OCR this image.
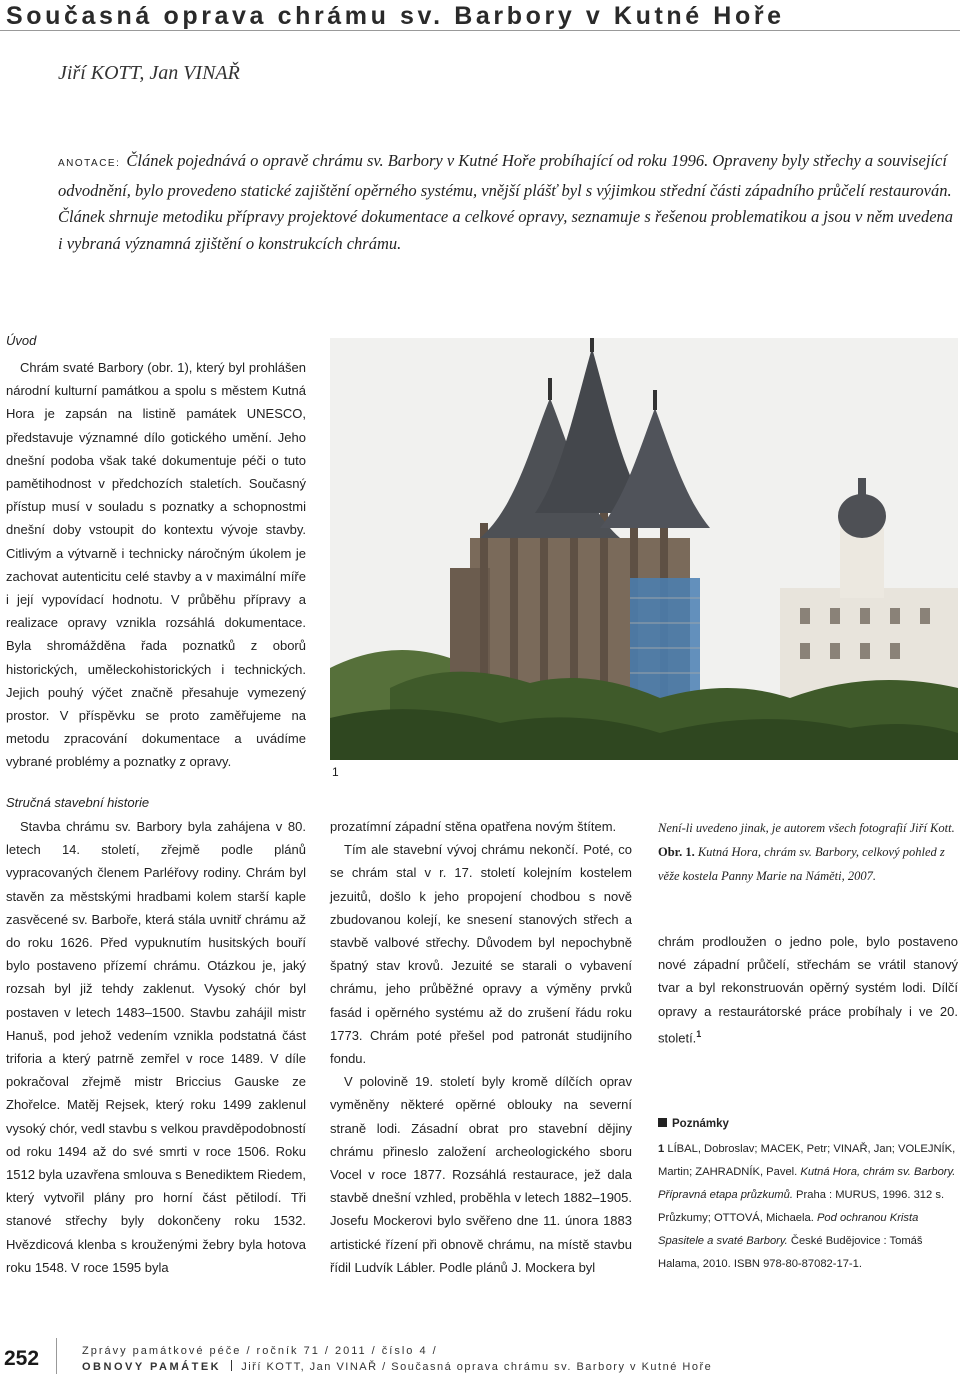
Současná oprava chrámu sv. Barbory v Kutné Hoře
Jiří KOTT, Jan VINAŘ
ANOTACE: Článek pojednává o opravě chrámu sv. Barbory v Kutné Hoře probíhající od roku 1996. Opraveny byly střechy a související odvodnění, bylo provedeno statické zajištění opěrného systému, vnější plášť byl s výjimkou střední části západního průčelí restaurován. Článek shrnuje metodiku přípravy projektové dokumentace a celkové opravy, seznamuje s řešenou problematikou a jsou v něm uvedena i vybraná významná zjištění o konstrukcích chrámu.
Úvod

Chrám svaté Barbory (obr. 1), který byl prohlášen národní kulturní památkou a spolu s městem Kutná Hora je zapsán na listině památek UNESCO, představuje významné dílo gotického umění. Jeho dnešní podoba však také dokumentuje péči o tuto pamětihodnost v předchozích staletích. Současný přístup musí v souladu s poznatky a schopnostmi dnešní doby vstoupit do kontextu vývoje stavby. Citlivým a výtvarně i technicky náročným úkolem je zachovat autenticitu celé stavby a v maximální míře i její vypovídací hodnotu. V průběhu přípravy a realizace opravy vznikla rozsáhlá dokumentace. Byla shromážděna řada poznatků z oborů historických, uměleckohistorických i technických. Jejich pouhý výčet značně přesahuje vymezený prostor. V příspěvku se proto zaměřujeme na metodu zpracování dokumentace a uvádíme vybrané problémy a poznatky z opravy.

1
Stručná stavební historie

Stavba chrámu sv. Barbory byla zahájena v 80. letech 14. století, zřejmě podle plánů vypracovaných členem Parléřovy rodiny. Chrám byl stavěn za městskými hradbami kolem starší kaple zasvěcené sv. Barboře, která stála uvnitř chrámu až do roku 1626. Před vypuknutím husitských bouří bylo postaveno přízemí chrámu. Otázkou je, jaký rozsah byl již tehdy zaklenut. Vysoký chór byl postaven v letech 1483–1500. Stavbu zahájil mistr Hanuš, pod jehož vedením vznikla podstatná část triforia a který patrně zemřel v roce 1489. V díle pokračoval zřejmě mistr Briccius Gauske ze Zhořelce. Matěj Rejsek, který roku 1499 zaklenul vysoký chór, vedl stavbu s velkou pravděpodobností od roku 1494 až do své smrti v roce 1506. Roku 1512 byla uzavřena smlouva s Benediktem Riedem, který vytvořil plány pro horní část pětilodí. Tři stanové střechy byly dokončeny roku 1532. Hvězdicová klenba s krouženými žebry byla hotova roku 1548. V roce 1595 byla

prozatímní západní stěna opatřena novým štítem.

Tím ale stavební vývoj chrámu nekončí. Poté, co se chrám stal v r. 17. století kolejním kostelem jezuitů, došlo k jeho propojení chodbou s nově zbudovanou kolejí, ke snesení stanových střech a stavbě valbové střechy. Důvodem byl nepochybně špatný stav krovů. Jezuité se starali o vybavení chrámu, jeho průběžné opravy a výměny prvků fasád i opěrného systému až do zrušení řádu roku 1773. Chrám poté přešel pod patronát studijního fondu.

V polovině 19. století byly kromě dílčích oprav vyměněny některé opěrné oblouky na severní straně lodi. Zásadní obrat pro stavební dějiny chrámu přineslo založení archeologického sboru Vocel v roce 1877. Rozsáhlá restaurace, jež dala stavbě dnešní vzhled, proběhla v letech 1882–1905. Josefu Mockerovi bylo svěřeno dne 11. února 1883 artistické řízení při obnově chrámu, na místě stavbu řídil Ludvík Lábler. Podle plánů J. Mockera byl

Není-li uvedeno jinak, je autorem všech fotografií Jiří Kott.
Obr. 1. Kutná Hora, chrám sv. Barbory, celkový pohled z věže kostela Panny Marie na Náměti, 2007.

chrám prodloužen o jedno pole, bylo postaveno nové západní průčelí, střechám se vrátil stanový tvar a byl rekonstruován opěrný systém lodi. Dílčí opravy a restaurátorské práce probíhaly i ve 20. století.$^1$

Poznámky
1 LÍBAL, Dobroslav; MACEK, Petr; VINAŘ, Jan; VOLEJNÍK, Martin; ZAHRADNÍK, Pavel. Kutná Hora, chrám sv. Barbory. Přípravná etapa průzkumů. Praha : MURUS, 1996. 312 s. Průzkumy; OTTOVÁ, Michaela. Pod ochranou Krista Spasitele a svaté Barbory. České Budějovice : Tomáš Halama, 2010. ISBN 978-80-87082-17-1.
252	Zprávy památkové péče / ročník 71 / 2011 / číslo 4 /
OBNOVY PAMÁTEK Jiří KOTT, Jan VINAŘ / Současná oprava chrámu sv. Barbory v Kutné Hoře
